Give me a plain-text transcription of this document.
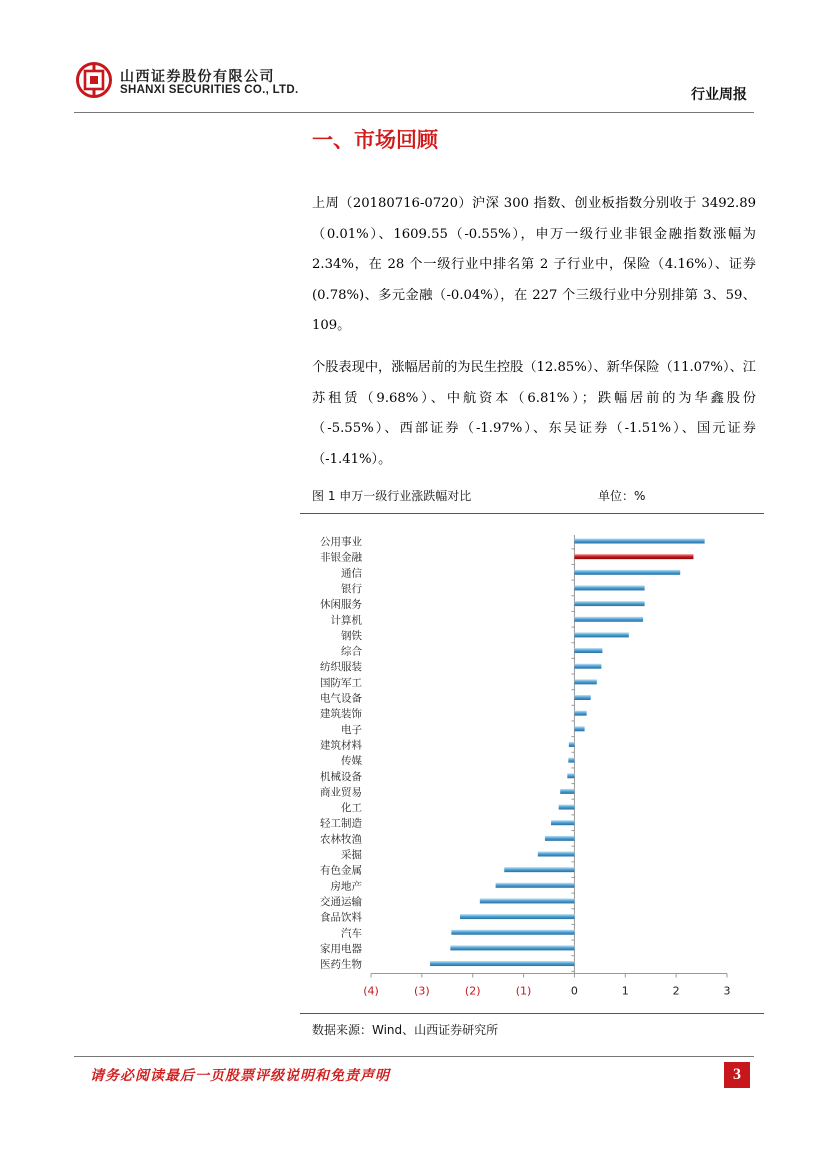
山西证券股份有限公司
SHANXI SECURITIES CO., LTD.	行业周报
一、市场回顾

上周（20180716-0720）沪深 300 指数、创业板指数分别收于 3492.89（0.01%）、1609.55（-0.55%），申万一级行业非银金融指数涨幅为 2.34%，在 28 个一级行业中排名第 2 子行业中，保险（4.16%）、证券(0.78%)、多元金融（-0.04%），在 227 个三级行业中分别排第 3、59、109。

个股表现中，涨幅居前的为民生控股（12.85%）、新华保险（11.07%）、江苏租赁（9.68%）、中航资本（6.81%）；跌幅居前的为华鑫股份（-5.55%）、西部证券（-1.97%）、东吴证券（-1.51%）、国元证券（-1.41%）。

图 1 申万一级行业涨跌幅对比	单位：%
公用事业
非银金融
通信
银行
休闲服务
计算机
钢铁
综合
纺织服装
国防军工
电气设备
建筑装饰
电子
建筑材料
传媒
机械设备
商业贸易
化工
轻工制造
农林牧渔
采掘
有色金属
房地产
交通运输
食品饮料
汽车
家用电器
医药生物
(4)	(3)	(2)	(1)	0	1	2	3
数据来源：Wind、山西证券研究所
请务必阅读最后一页股票评级说明和免责声明	3
